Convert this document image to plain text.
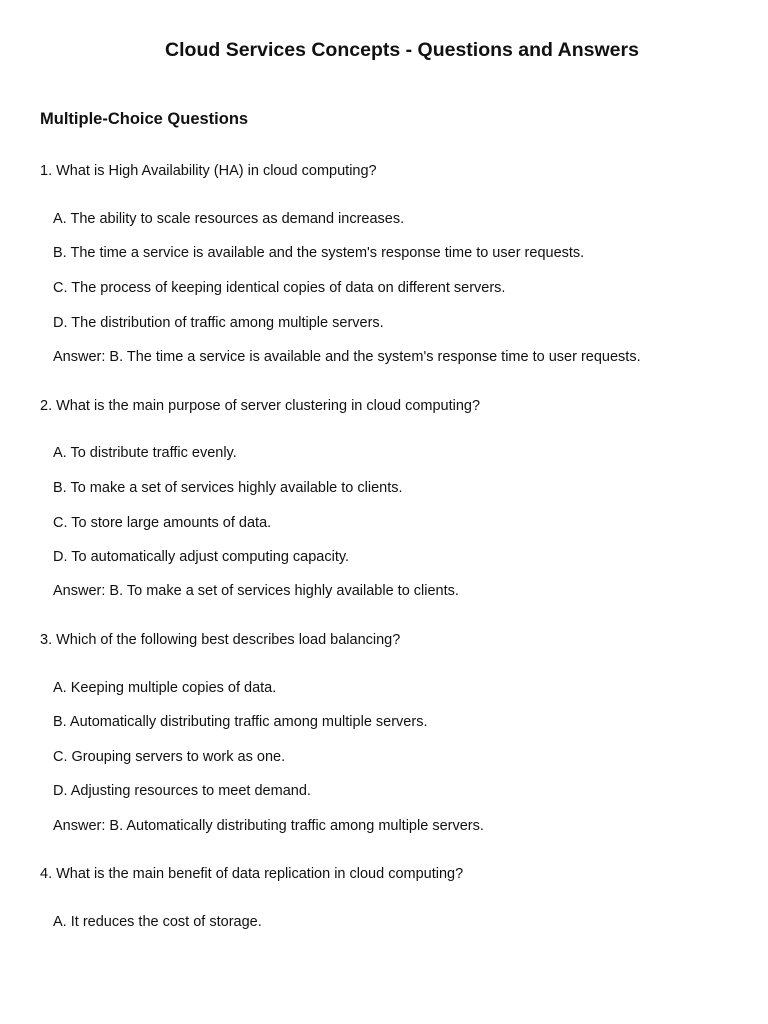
Cloud Services Concepts - Questions and Answers
Multiple-Choice Questions

1. What is High Availability (HA) in cloud computing?

A. The ability to scale resources as demand increases.

B. The time a service is available and the system's response time to user requests.

C. The process of keeping identical copies of data on different servers.

D. The distribution of traffic among multiple servers.

Answer: B. The time a service is available and the system's response time to user requests.

2. What is the main purpose of server clustering in cloud computing?

A. To distribute traffic evenly.

B. To make a set of services highly available to clients.

C. To store large amounts of data.

D. To automatically adjust computing capacity.

Answer: B. To make a set of services highly available to clients.

3. Which of the following best describes load balancing?

A. Keeping multiple copies of data.

B. Automatically distributing traffic among multiple servers.

C. Grouping servers to work as one.

D. Adjusting resources to meet demand.

Answer: B. Automatically distributing traffic among multiple servers.

4. What is the main benefit of data replication in cloud computing?

A. It reduces the cost of storage.
